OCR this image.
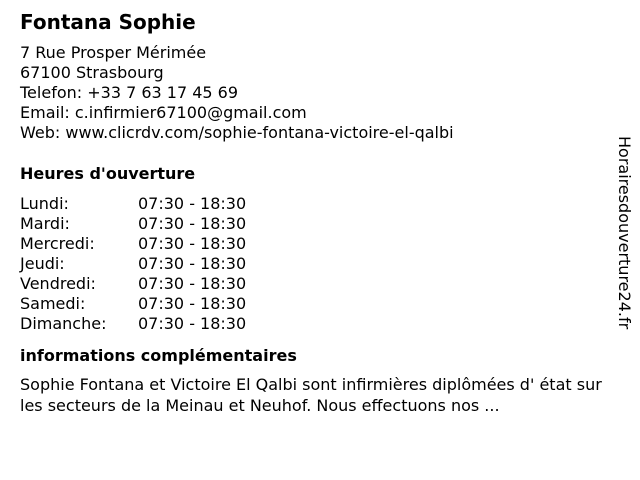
Fontana Sophie
7 Rue Prosper Mérimée
67100 Strasbourg
Telefon: +33 7 63 17 45 69
Email: c.infirmier67100@gmail.com
Web: www.clicrdv.com/sophie-fontana-victoire-el-qalbi
Heures d'ouverture
Lundi:	07:30 - 18:30
Mardi:	07:30 - 18:30
Mercredi:	07:30 - 18:30
Jeudi:	07:30 - 18:30
Vendredi:	07:30 - 18:30
Samedi:	07:30 - 18:30
Dimanche:	07:30 - 18:30
informations complémentaires

Sophie Fontana et Victoire El Qalbi sont infirmières diplômées d' état sur les secteurs de la Meinau et Neuhof. Nous effectuons nos ...

Horairesdouverture24.fr
